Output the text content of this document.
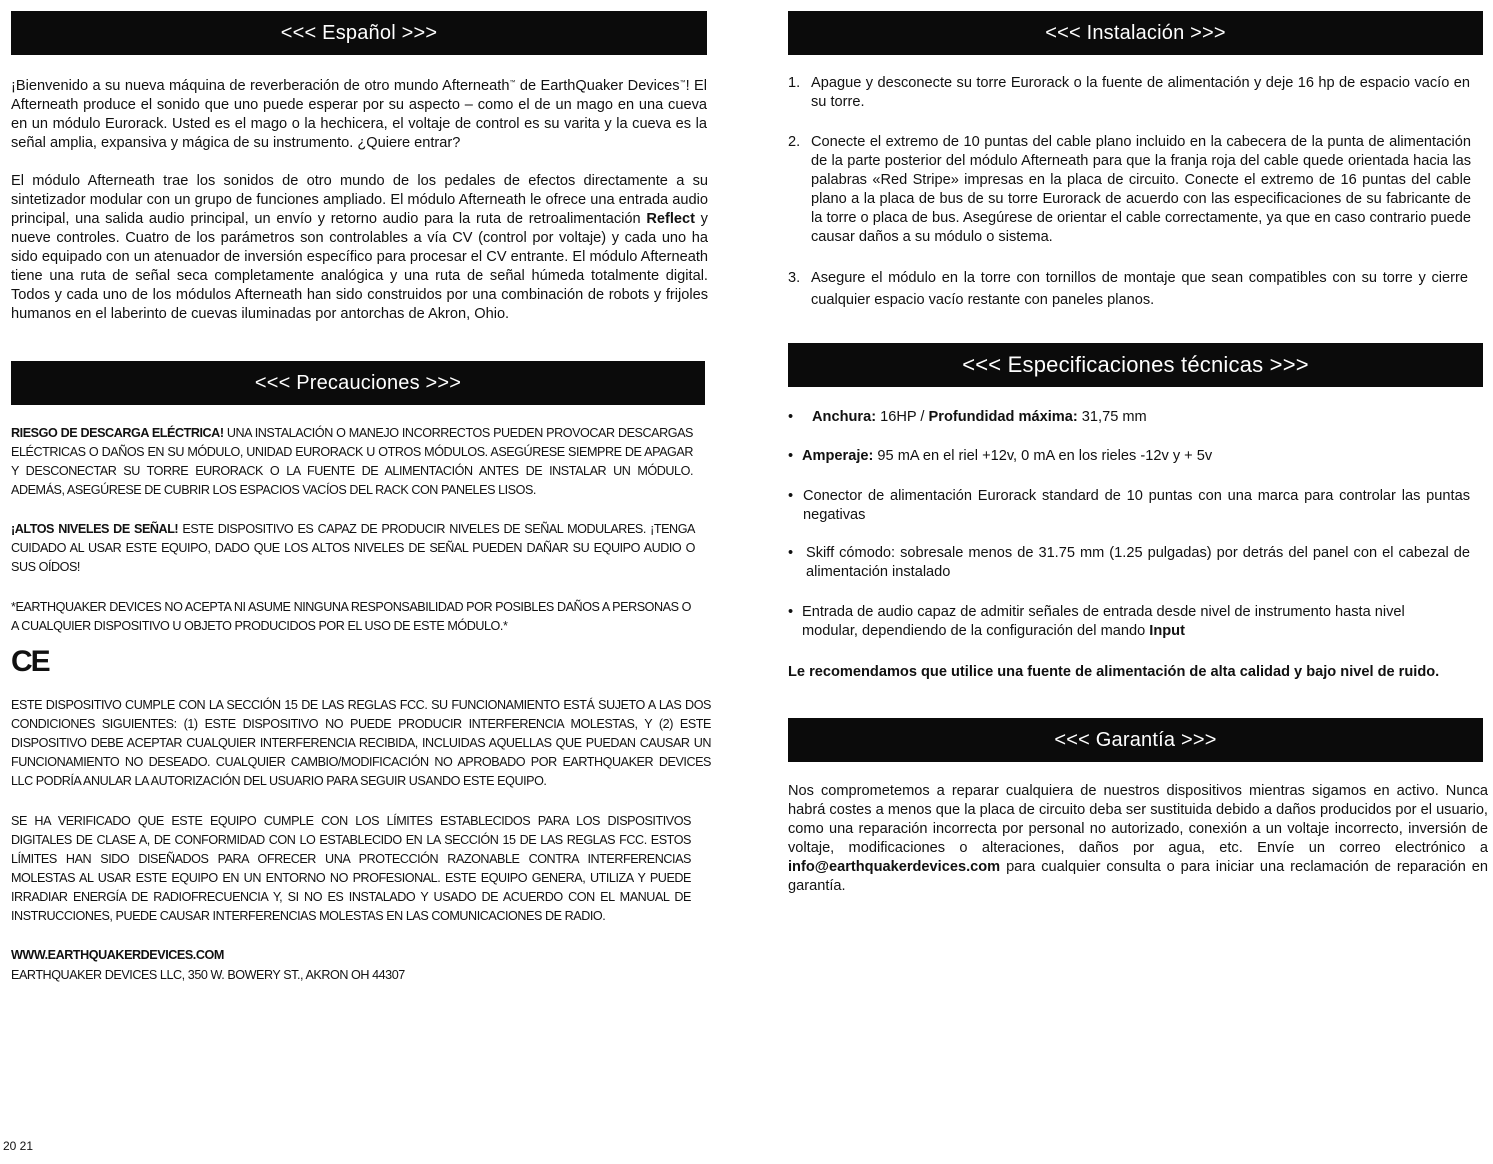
<<< Español >>>

¡Bienvenido a su nueva máquina de reverberación de otro mundo Afterneath™ de EarthQuaker Devices™! El Afterneath produce el sonido que uno puede esperar por su aspecto – como el de un mago en una cueva en un módulo Eurorack. Usted es el mago o la hechicera, el voltaje de control es su varita y la cueva es la señal amplia, expansiva y mágica de su instrumento. ¿Quiere entrar?

El módulo Afterneath trae los sonidos de otro mundo de los pedales de efectos directamente a su sintetizador modular con un grupo de funciones ampliado. El módulo Afterneath le ofrece una entrada audio principal, una salida audio principal, un envío y retorno audio para la ruta de retroalimentación Reflect y nueve controles. Cuatro de los parámetros son controlables a vía CV (control por voltaje) y cada uno ha sido equipado con un atenuador de inversión específico para procesar el CV entrante. El módulo Afterneath tiene una ruta de señal seca completamente analógica y una ruta de señal húmeda totalmente digital. Todos y cada uno de los módulos Afterneath han sido construidos por una combinación de robots y frijoles humanos en el laberinto de cuevas iluminadas por antorchas de Akron, Ohio.

<<< Precauciones >>>

RIESGO DE DESCARGA ELÉCTRICA! UNA INSTALACIÓN O MANEJO INCORRECTOS PUEDEN PROVOCAR DESCARGAS ELÉCTRICAS O DAÑOS EN SU MÓDULO, UNIDAD EURORACK U OTROS MÓDULOS. ASEGÚRESE SIEMPRE DE APAGAR Y DESCONECTAR SU TORRE EURORACK O LA FUENTE DE ALIMENTACIÓN ANTES DE INSTALAR UN MÓDULO. ADEMÁS, ASEGÚRESE DE CUBRIR LOS ESPACIOS VACÍOS DEL RACK CON PANELES LISOS.

¡ALTOS NIVELES DE SEÑAL! ESTE DISPOSITIVO ES CAPAZ DE PRODUCIR NIVELES DE SEÑAL MODULARES. ¡TENGA CUIDADO AL USAR ESTE EQUIPO, DADO QUE LOS ALTOS NIVELES DE SEÑAL PUEDEN DAÑAR SU EQUIPO AUDIO O SUS OÍDOS!

*EARTHQUAKER DEVICES NO ACEPTA NI ASUME NINGUNA RESPONSABILIDAD POR POSIBLES DAÑOS A PERSONAS O A CUALQUIER DISPOSITIVO U OBJETO PRODUCIDOS POR EL USO DE ESTE MÓDULO.*

CE

ESTE DISPOSITIVO CUMPLE CON LA SECCIÓN 15 DE LAS REGLAS FCC. SU FUNCIONAMIENTO ESTÁ SUJETO A LAS DOS CONDICIONES SIGUIENTES: (1) ESTE DISPOSITIVO NO PUEDE PRODUCIR INTERFERENCIA MOLESTAS, Y (2) ESTE DISPOSITIVO DEBE ACEPTAR CUALQUIER INTERFERENCIA RECIBIDA, INCLUIDAS AQUELLAS QUE PUEDAN CAUSAR UN FUNCIONAMIENTO NO DESEADO. CUALQUIER CAMBIO/MODIFICACIÓN NO APROBADO POR EARTHQUAKER DEVICES LLC PODRÍA ANULAR LA AUTORIZACIÓN DEL USUARIO PARA SEGUIR USANDO ESTE EQUIPO.

SE HA VERIFICADO QUE ESTE EQUIPO CUMPLE CON LOS LÍMITES ESTABLECIDOS PARA LOS DISPOSITIVOS DIGITALES DE CLASE A, DE CONFORMIDAD CON LO ESTABLECIDO EN LA SECCIÓN 15 DE LAS REGLAS FCC. ESTOS LÍMITES HAN SIDO DISEÑADOS PARA OFRECER UNA PROTECCIÓN RAZONABLE CONTRA INTERFERENCIAS MOLESTAS AL USAR ESTE EQUIPO EN UN ENTORNO NO PROFESIONAL. ESTE EQUIPO GENERA, UTILIZA Y PUEDE IRRADIAR ENERGÍA DE RADIOFRECUENCIA Y, SI NO ES INSTALADO Y USADO DE ACUERDO CON EL MANUAL DE INSTRUCCIONES, PUEDE CAUSAR INTERFERENCIAS MOLESTAS EN LAS COMUNICACIONES DE RADIO.

WWW.EARTHQUAKERDEVICES.COM

EARTHQUAKER DEVICES LLC, 350 W. BOWERY ST., AKRON OH 44307

20 21
<<< Instalación >>>
1. Apague y desconecte su torre Eurorack o la fuente de alimentación y deje 16 hp de espacio vacío en su torre.
2. Conecte el extremo de 10 puntas del cable plano incluido en la cabecera de la punta de alimentación de la parte posterior del módulo Afterneath para que la franja roja del cable quede orientada hacia las palabras «Red Stripe» impresas en la placa de circuito. Conecte el extremo de 16 puntas del cable plano a la placa de bus de su torre Eurorack de acuerdo con las especificaciones de su fabricante de la torre o placa de bus. Asegúrese de orientar el cable correctamente, ya que en caso contrario puede causar daños a su módulo o sistema.
3. Asegure el módulo en la torre con tornillos de montaje que sean compatibles con su torre y cierre cualquier espacio vacío restante con paneles planos.
<<< Especificaciones técnicas >>>
• Anchura: 16HP / Profundidad máxima: 31,75 mm
• Amperaje: 95 mA en el riel +12v, 0 mA en los rieles -12v y + 5v
• Conector de alimentación Eurorack standard de 10 puntas con una marca para controlar las puntas negativas
• Skiff cómodo: sobresale menos de 31.75 mm (1.25 pulgadas) por detrás del panel con el cabezal de alimentación instalado
• Entrada de audio capaz de admitir señales de entrada desde nivel de instrumento hasta nivel modular, dependiendo de la configuración del mando Input

Le recomendamos que utilice una fuente de alimentación de alta calidad y bajo nivel de ruido.

<<< Garantía >>>

Nos comprometemos a reparar cualquiera de nuestros dispositivos mientras sigamos en activo. Nunca habrá costes a menos que la placa de circuito deba ser sustituida debido a daños producidos por el usuario, como una reparación incorrecta por personal no autorizado, conexión a un voltaje incorrecto, inversión de voltaje, modificaciones o alteraciones, daños por agua, etc. Envíe un correo electrónico a info@earthquakerdevices.com para cualquier consulta o para iniciar una reclamación de reparación en garantía.
